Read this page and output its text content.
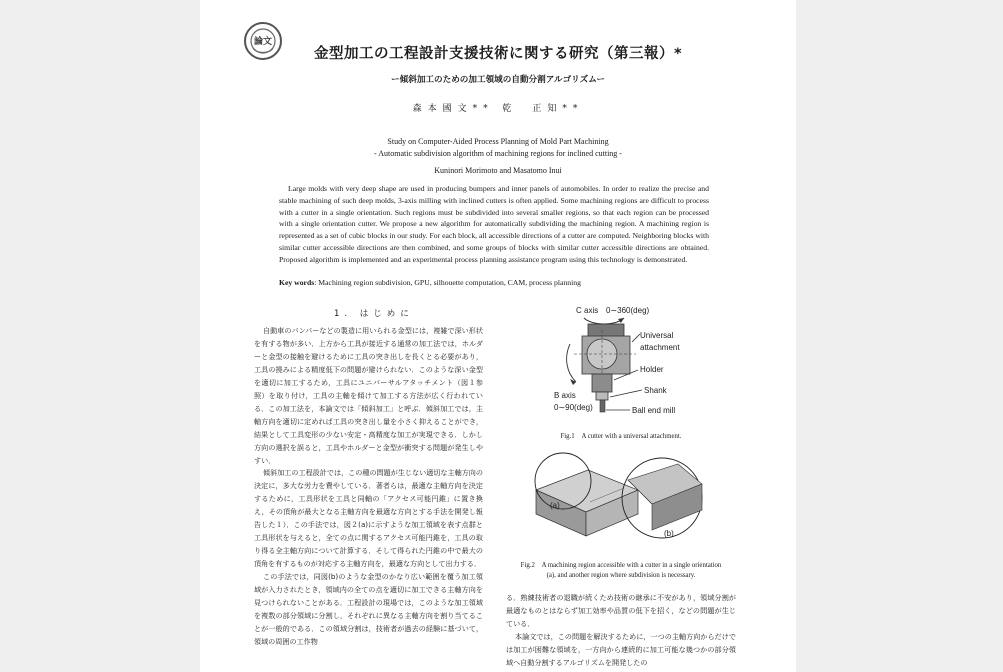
論文
金型加工の工程設計支援技術に関する研究（第三報）*
ー傾斜加工のための加工領域の自動分割アルゴリズムー
森本國文** 乾　正知**
Study on Computer-Aided Process Planning of Mold Part Machining
- Automatic subdivision algorithm of machining regions for inclined cutting -
Kuninori Morimoto and Masatomo Inui
Large molds with very deep shape are used in producing bumpers and inner panels of automobiles. In order to realize the precise and stable machining of such deep molds, 3-axis milling with inclined cutters is often applied. Some machining regions are difficult to process with a cutter in a single orientation. Such regions must be subdivided into several smaller regions, so that each region can be processed with a single orientation cutter. We propose a new algorithm for automatically subdividing the machining region. A machining region is represented as a set of cubic blocks in our study. For each block, all accessible directions of a cutter are computed. Neighboring blocks with similar cutter accessible directions are then combined, and some groups of blocks with similar cutter accessible directions are obtained. Proposed algorithm is implemented and an experimental process planning assistance program using this technology is demonstrated.
Key words: Machining region subdivision, GPU, silhouette computation, CAM, process planning
1. はじめに

自動車のバンパーなどの製造に用いられる金型には，複雑で深い形状を有する物が多い．上方から工具が接近する通常の加工法では，ホルダーと金型の接触を避けるために工具の突き出しを長くとる必要があり，工具の撓みによる精度低下の問題が避けられない．このような深い金型を適切に加工するため，工具にユニバーサルアタッチメント（図１参照）を取り付け，工具の主軸を傾けて加工する方法が広く行われている．この加工法を，本論文では「傾斜加工」と呼ぶ．傾斜加工では，主軸方向を適切に定めれば工具の突き出し量を小さく抑えることができ，結果として工具変形の少ない安定・高精度な加工が実現できる．しかし方向の選択を誤ると，工具やホルダーと金型が衝突する問題が発生しやすい．

傾斜加工の工程設計では，この種の問題が生じない適切な主軸方向の決定に，多大な労力を費やしている．著者らは，最適な主軸方向を決定するために，工具形状を工具と同軸の「アクセス可能円錐」に置き換え，その頂角が最大となる主軸方向を最適な方向とする手法を開発し報告した１）．この手法では，図２(a)に示すような加工領域を表す点群と工具形状を与えると，全ての点に関するアクセス可能円錐を，工具の取り得る全主軸方向について計算する．そして得られた円錐の中で最大の頂角を有するものが対応する主軸方向を，最適な方向として出力する．

この手法では，同図(b)のような金型のかなり広い範囲を覆う加工領域が入力されたとき，領域内の全ての点を適切に加工できる主軸方向を見つけられないことがある．工程設計の現場では，このような加工領域を複数の部分領域に分割し，それぞれに異なる主軸方向を割り当てることが一般的である．この領域分割は，技術者が過去の経験に基づいて，領域の周囲の工作物

C axis 0∼360(deg)
Universal
attachment
Holder
Shank
Ball end mill
B axis
0∼90(deg)
Fig.1　A cutter with a universal attachment.
(a)
(b)
Fig.2　A machining region accessible with a cutter in a single orientation
(a), and another region where subdivision is necessary.

る．熟練技術者の退職が続くため技術の継承に不安があり，領域分割が最適なものとはならず加工効率や品質の低下を招く，などの問題が生じている．

本論文では，この問題を解決するために，一つの主軸方向からだけでは加工が困難な領域を，一方向から連続的に加工可能な幾つかの部分領域へ自動分割するアルゴリズムを開発したの
